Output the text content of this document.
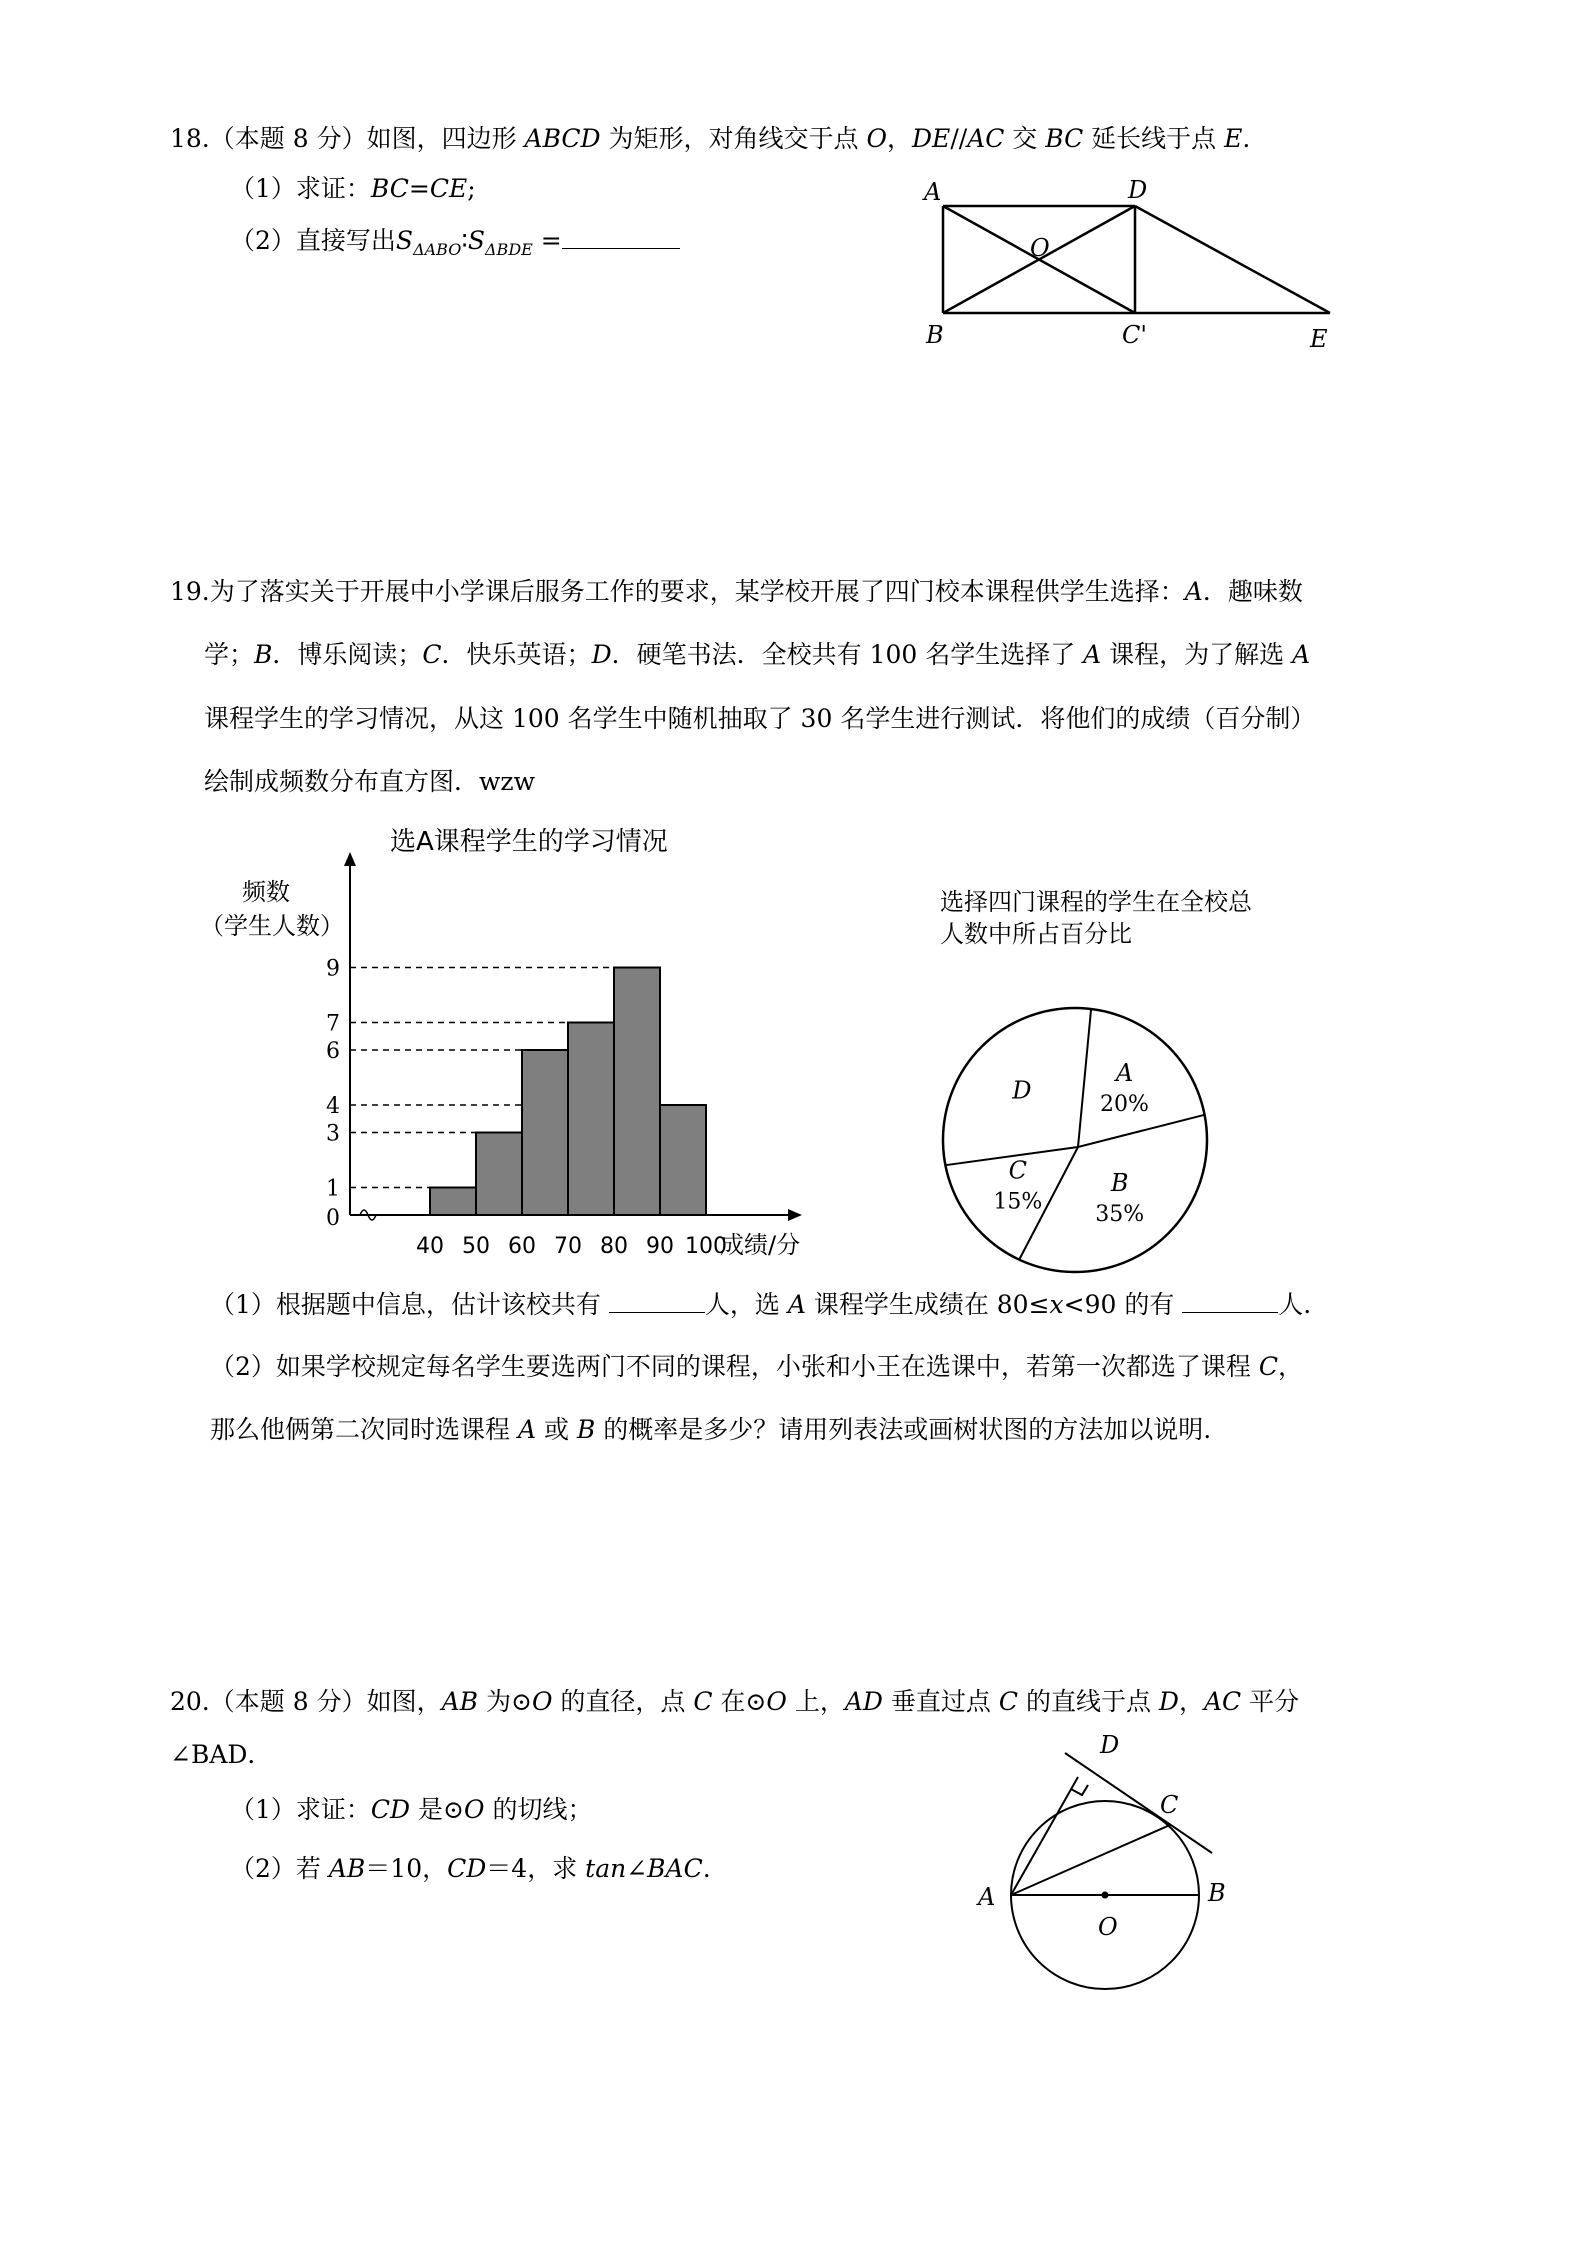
18.（本题 8 分）如图，四边形 ABCD 为矩形，对角线交于点 O，DE//AC 交 BC 延长线于点 E.
（1）求证：BC=CE;
（2）直接写出$S_{\Delta ABO}∶S_{\Delta BDE}$ =
A	D
O
B	C'	E
19.为了落实关于开展中小学课后服务工作的要求，某学校开展了四门校本课程供学生选择：A．趣味数
学；B．博乐阅读；C．快乐英语；D．硬笔书法．全校共有 100 名学生选择了 A 课程，为了解选 A
课程学生的学习情况，从这 100 名学生中随机抽取了 30 名学生进行测试．将他们的成绩（百分制）
绘制成频数分布直方图．wzw
1
3
4
6
7
9
0
40 50 60 70 80 90 100
成绩/分
选A课程学生的学习情况
频数
（学生人数）
选择四门课程的学生在全校总
人数中所占百分比
A
20%
B
35%
C
15%
D
（1）根据题中信息，估计该校共有	人，选 A 课程学生成绩在 80≤x<90 的有	人.
（2）如果学校规定每名学生要选两门不同的课程，小张和小王在选课中，若第一次都选了课程 C，
那么他俩第二次同时选课程 A 或 B 的概率是多少？请用列表法或画树状图的方法加以说明.
20.（本题 8 分）如图，AB 为⊙O 的直径，点 C 在⊙O 上，AD 垂直过点 C 的直线于点 D，AC 平分
∠BAD．
（1）求证：CD 是⊙O 的切线；
（2）若 AB＝10，CD＝4，求 tan∠BAC.
A	B
C
D
O
